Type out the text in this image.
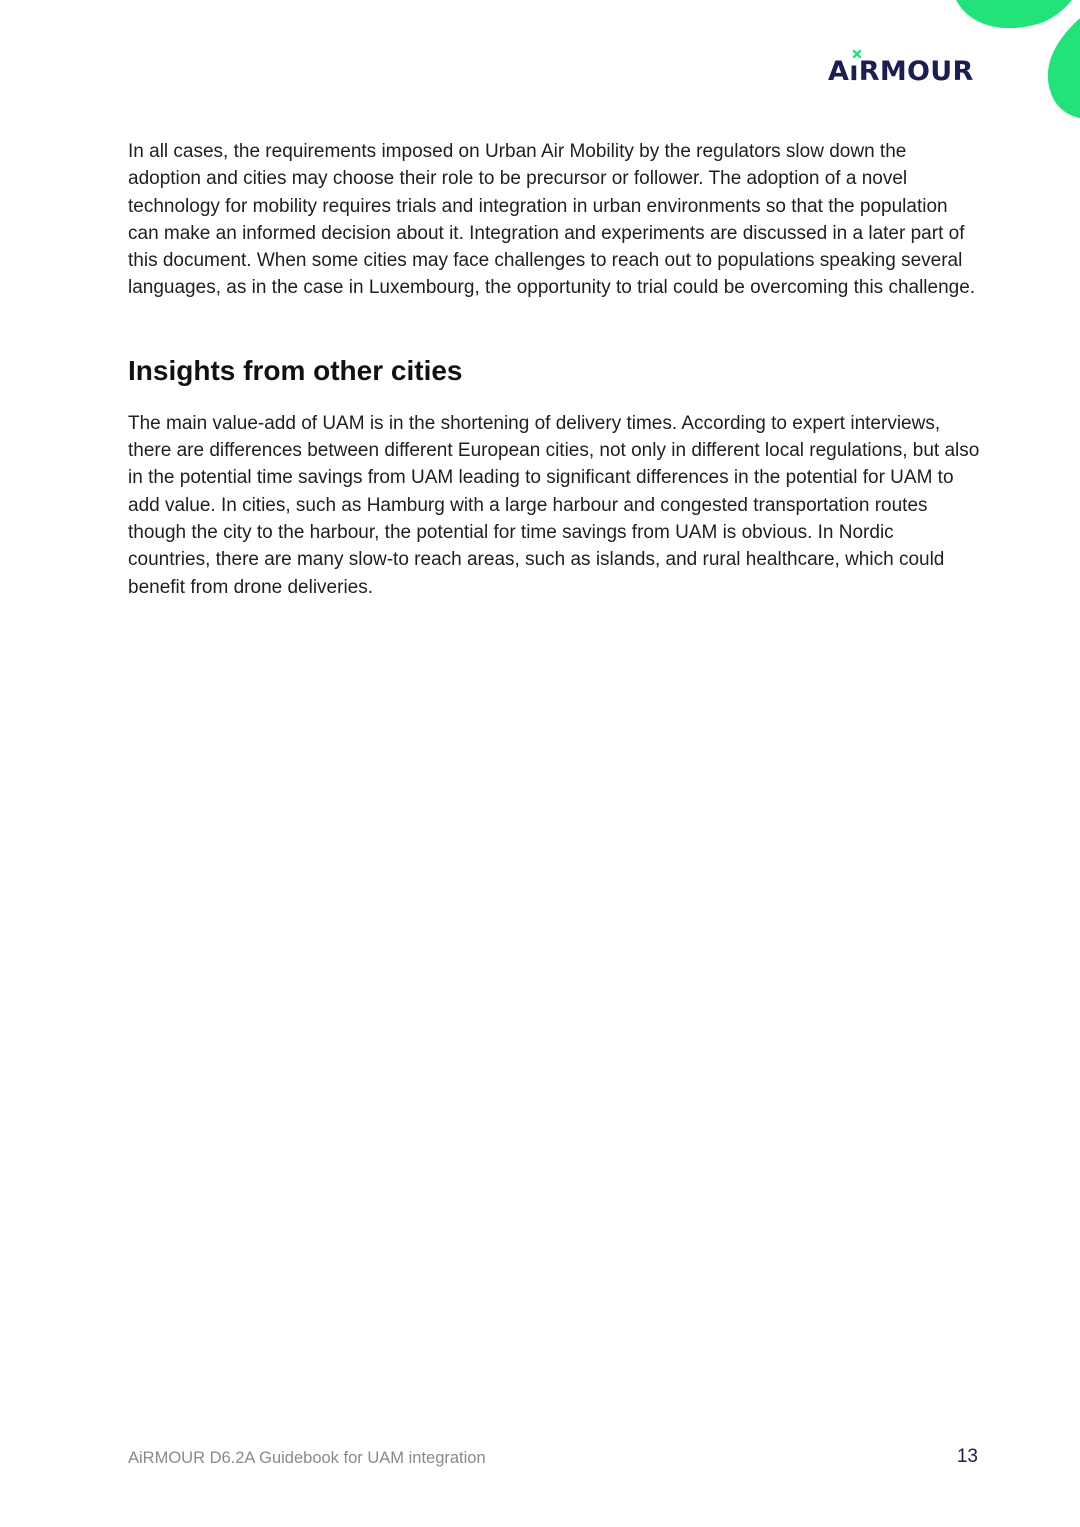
AıRMOUR

In all cases, the requirements imposed on Urban Air Mobility by the regulators slow down the adoption and cities may choose their role to be precursor or follower. The adoption of a novel technology for mobility requires trials and integration in urban environments so that the population can make an informed decision about it. Integration and experiments are discussed in a later part of this document. When some cities may face challenges to reach out to populations speaking several languages, as in the case in Luxembourg, the opportunity to trial could be overcoming this challenge.

Insights from other cities

The main value-add of UAM is in the shortening of delivery times. According to expert interviews, there are differences between different European cities, not only in different local regulations, but also in the potential time savings from UAM leading to significant differences in the potential for UAM to add value. In cities, such as Hamburg with a large harbour and congested transportation routes though the city to the harbour, the potential for time savings from UAM is obvious. In Nordic countries, there are many slow-to reach areas, such as islands, and rural healthcare, which could benefit from drone deliveries.

AiRMOUR D6.2A Guidebook for UAM integration	13
